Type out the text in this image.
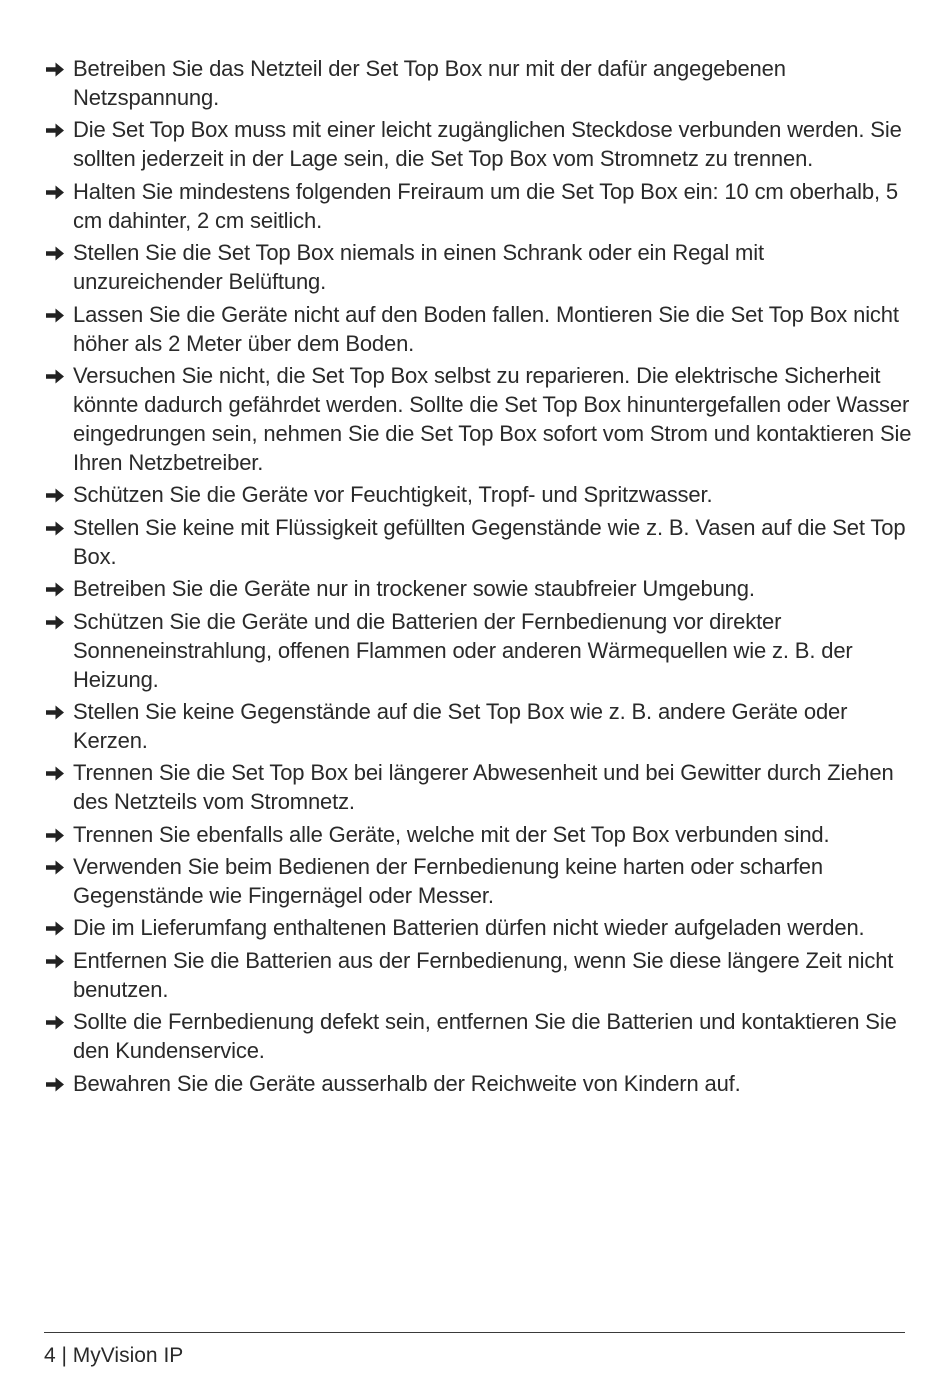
Betreiben Sie das Netzteil der Set Top Box nur mit der dafür angegebenen Netzspannung.
Die Set Top Box muss mit einer leicht zugänglichen Steckdose verbunden werden. Sie sollten jederzeit in der Lage sein, die Set Top Box vom Stromnetz zu trennen.
Halten Sie mindestens folgenden Freiraum um die Set Top Box ein: 10 cm oberhalb, 5 cm dahinter, 2 cm seitlich.
Stellen Sie die Set Top Box niemals in einen Schrank oder ein Regal mit unzureichender Belüftung.
Lassen Sie die Geräte nicht auf den Boden fallen. Montieren Sie die Set Top Box nicht höher als 2 Meter über dem Boden.
Versuchen Sie nicht, die Set Top Box selbst zu reparieren. Die elektrische Sicherheit könnte dadurch gefährdet werden. Sollte die Set Top Box hinuntergefallen oder Wasser eingedrungen sein, nehmen Sie die Set Top Box sofort vom Strom und kontaktieren Sie Ihren Netzbetreiber.
Schützen Sie die Geräte vor Feuchtigkeit, Tropf- und Spritzwasser.
Stellen Sie keine mit Flüssigkeit gefüllten Gegenstände wie z. B. Vasen auf die Set Top Box.
Betreiben Sie die Geräte nur in trockener sowie staubfreier Umgebung.
Schützen Sie die Geräte und die Batterien der Fernbedienung vor direkter Sonneneinstrahlung, offenen Flammen oder anderen Wärmequellen wie z. B. der Heizung.
Stellen Sie keine Gegenstände auf die Set Top Box wie z. B. andere Geräte oder Kerzen.
Trennen Sie die Set Top Box bei längerer Abwesenheit und bei Gewitter durch Ziehen des Netzteils vom Stromnetz.
Trennen Sie ebenfalls alle Geräte, welche mit der Set Top Box verbunden sind.
Verwenden Sie beim Bedienen der Fernbedienung keine harten oder scharfen Gegenstände wie Fingernägel oder Messer.
Die im Lieferumfang enthaltenen Batterien dürfen nicht wieder aufgeladen werden.
Entfernen Sie die Batterien aus der Fernbedienung, wenn Sie diese längere Zeit nicht benutzen.
Sollte die Fernbedienung defekt sein, entfernen Sie die Batterien und kontaktieren Sie den Kundenservice.
Bewahren Sie die Geräte ausserhalb der Reichweite von Kindern auf.
4 | MyVision IP
